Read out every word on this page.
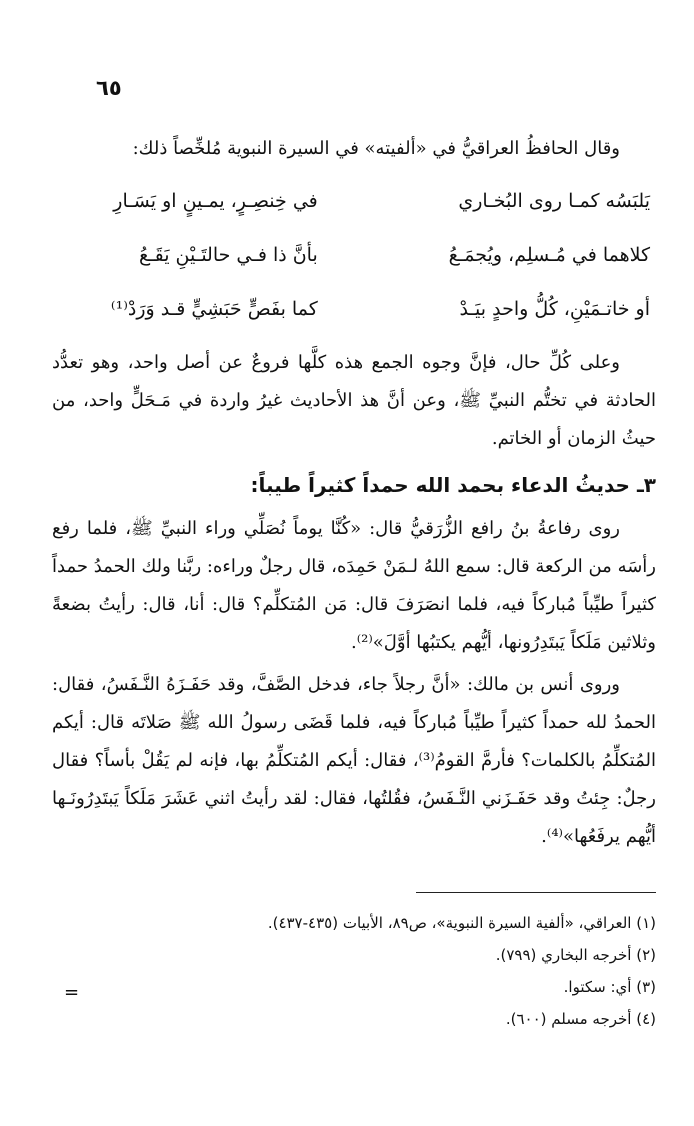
٦٥

وقال الحافظُ العراقيُّ في «ألفيته» في السيرة النبوية مُلخِّصاً ذلك:

يَلبَسُه كمـا روى البُخـاري
في خِنصِـرٍ، يمـينٍ او يَسَـارِ
كلاهما في مُـسلِم، ويُجمَـعُ
بأنَّ ذا فـي حالتَـيْنِ يَقَـعُ
أو خاتـمَيْنِ، كُلُّ واحدٍ بيَـدْ
كما بفَصٍّ حَبَشِيٍّ قـد وَرَدْ⁽¹⁾

وعلى كُلِّ حال، فإنَّ وجوه الجمع هذه كلَّها فروعٌ عن أصل واحد، وهو تعدُّد الحادثة في تختُّم النبيِّ ﷺ، وعن أنَّ هذ الأحاديث غيرُ واردة في مَـحَلٍّ واحد، من حيثُ الزمان أو الخاتم.

٣ـ حديثُ الدعاء بحمد الله حمداً كثيراً طيباً:

روى رفاعةُ بنُ رافع الزُّرَقيُّ قال: «كُنَّا يوماً نُصَلِّي وراء النبيِّ ﷺ، فلما رفع رأسَه من الركعة قال: سمع اللهُ لـمَنْ حَمِدَه، قال رجلٌ وراءه: ربَّنا ولك الحمدُ حمداً كثيراً طيِّباً مُباركاً فيه، فلما انصَرَفَ قال: مَن المُتكلِّم؟ قال: أنا، قال: رأيتُ بضعةً وثلاثين مَلَكاً يَبتَدِرُونها، أيُّهم يكتبُها أوَّلَ»⁽²⁾.

وروى أنس بن مالك: «أنَّ رجلاً جاء، فدخل الصَّفَّ، وقد حَفَـزَهُ النَّـفَسُ، فقال: الحمدُ لله حمداً كثيراً طيِّباً مُباركاً فيه، فلما قَضَى رسولُ الله ﷺ صَلاتَه قال: أيكم المُتكلِّمُ بالكلمات؟ فأرمَّ القومُ⁽³⁾، فقال: أيكم المُتكلِّمُ بها، فإنه لم يَقُلْ بأساً؟ فقال رجلٌ: جِئتُ وقد حَفَـزَني النَّـفَسُ، فقُلتُها، فقال: لقد رأيتُ اثني عَشَرَ مَلَكاً يَبتَدِرُونَـها أيُّهم يرفَعُها»⁽⁴⁾.

(١) العراقي، «ألفية السيرة النبوية»، ص٨٩، الأبيات (٤٣٥-٤٣٧).

(٢) أخرجه البخاري (٧٩٩).

(٣) أي: سكتوا.

(٤) أخرجه مسلم (٦٠٠).

=
